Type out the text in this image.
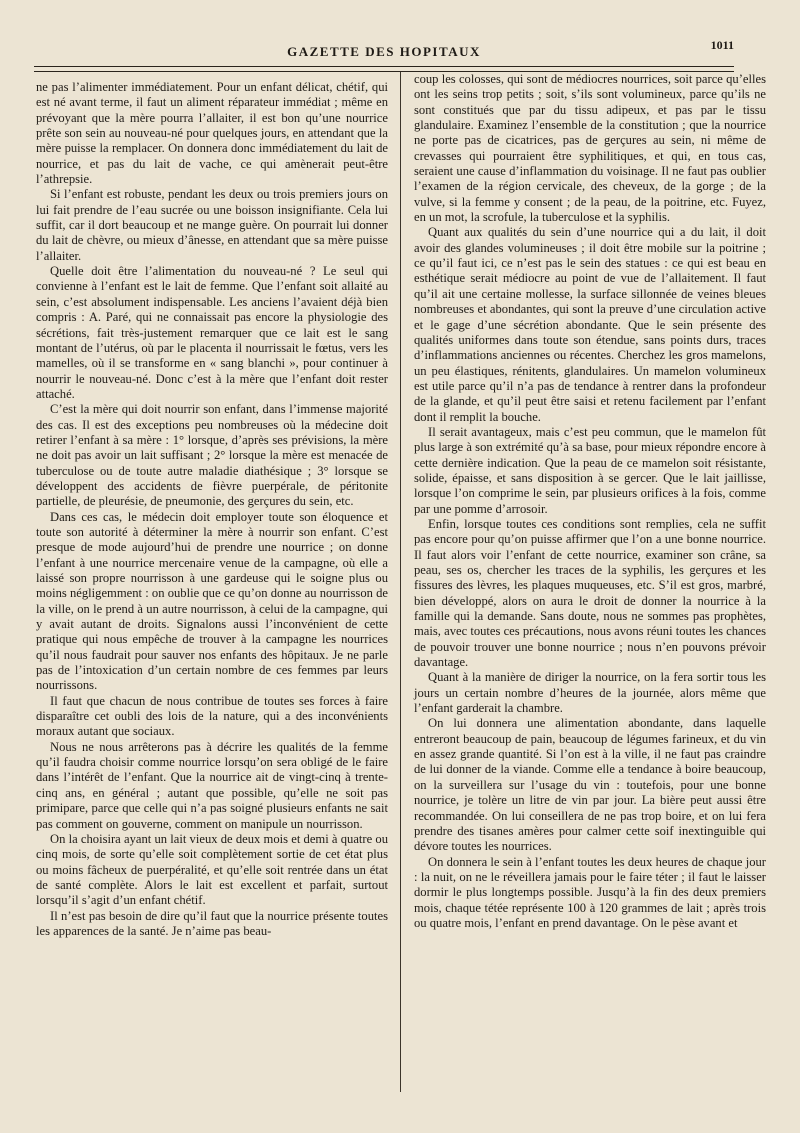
GAZETTE DES HOPITAUX	1011

ne pas l’alimenter immédiatement. Pour un enfant délicat, chétif, qui est né avant terme, il faut un aliment réparateur immédiat ; même en prévoyant que la mère pourra l’allaiter, il est bon qu’une nourrice prête son sein au nouveau-né pour quelques jours, en attendant que la mère puisse la remplacer. On donnera donc immédiatement du lait de nourrice, et pas du lait de vache, ce qui amènerait peut-être l’athrepsie.

Si l’enfant est robuste, pendant les deux ou trois premiers jours on lui fait prendre de l’eau sucrée ou une boisson insignifiante. Cela lui suffit, car il dort beaucoup et ne mange guère. On pourrait lui donner du lait de chèvre, ou mieux d’ânesse, en attendant que sa mère puisse l’allaiter.

Quelle doit être l’alimentation du nouveau-né ? Le seul qui convienne à l’enfant est le lait de femme. Que l’enfant soit allaité au sein, c’est absolument indispensable. Les anciens l’avaient déjà bien compris : A. Paré, qui ne connaissait pas encore la physiologie des sécrétions, fait très-justement remarquer que ce lait est le sang montant de l’utérus, où par le placenta il nourrissait le fœtus, vers les mamelles, où il se transforme en « sang blanchi », pour continuer à nourrir le nouveau-né. Donc c’est à la mère que l’enfant doit rester attaché.

C’est la mère qui doit nourrir son enfant, dans l’immense majorité des cas. Il est des exceptions peu nombreuses où la médecine doit retirer l’enfant à sa mère : 1° lorsque, d’après ses prévisions, la mère ne doit pas avoir un lait suffisant ; 2° lorsque la mère est menacée de tuberculose ou de toute autre maladie diathésique ; 3° lorsque se développent des accidents de fièvre puerpérale, de péritonite partielle, de pleurésie, de pneumonie, des gerçures du sein, etc.

Dans ces cas, le médecin doit employer toute son éloquence et toute son autorité à déterminer la mère à nourrir son enfant. C’est presque de mode aujourd’hui de prendre une nourrice ; on donne l’enfant à une nourrice mercenaire venue de la campagne, où elle a laissé son propre nourrisson à une gardeuse qui le soigne plus ou moins négligemment : on oublie que ce qu’on donne au nourrisson de la ville, on le prend à un autre nourrisson, à celui de la campagne, qui y avait autant de droits. Signalons aussi l’inconvénient de cette pratique qui nous empêche de trouver à la campagne les nourrices qu’il nous faudrait pour sauver nos enfants des hôpitaux. Je ne parle pas de l’intoxication d’un certain nombre de ces femmes par leurs nourrissons.

Il faut que chacun de nous contribue de toutes ses forces à faire disparaître cet oubli des lois de la nature, qui a des inconvénients moraux autant que sociaux.

Nous ne nous arrêterons pas à décrire les qualités de la femme qu’il faudra choisir comme nourrice lorsqu’on sera obligé de le faire dans l’intérêt de l’enfant. Que la nourrice ait de vingt-cinq à trente-cinq ans, en général ; autant que possible, qu’elle ne soit pas primipare, parce que celle qui n’a pas soigné plusieurs enfants ne sait pas comment on gouverne, comment on manipule un nourrisson.

On la choisira ayant un lait vieux de deux mois et demi à quatre ou cinq mois, de sorte qu’elle soit complètement sortie de cet état plus ou moins fâcheux de puerpéralité, et qu’elle soit rentrée dans un état de santé complète. Alors le lait est excellent et parfait, surtout lorsqu’il s’agit d’un enfant chétif.

Il n’est pas besoin de dire qu’il faut que la nourrice présente toutes les apparences de la santé. Je n’aime pas beau-

coup les colosses, qui sont de médiocres nourrices, soit parce qu’elles ont les seins trop petits ; soit, s’ils sont volumineux, parce qu’ils ne sont constitués que par du tissu adipeux, et pas par le tissu glandulaire. Examinez l’ensemble de la constitution ; que la nourrice ne porte pas de cicatrices, pas de gerçures au sein, ni même de crevasses qui pourraient être syphilitiques, et qui, en tous cas, seraient une cause d’inflammation du voisinage. Il ne faut pas oublier l’examen de la région cervicale, des cheveux, de la gorge ; de la vulve, si la femme y consent ; de la peau, de la poitrine, etc. Fuyez, en un mot, la scrofule, la tuberculose et la syphilis.

Quant aux qualités du sein d’une nourrice qui a du lait, il doit avoir des glandes volumineuses ; il doit être mobile sur la poitrine ; ce qu’il faut ici, ce n’est pas le sein des statues : ce qui est beau en esthétique serait médiocre au point de vue de l’allaitement. Il faut qu’il ait une certaine mollesse, la surface sillonnée de veines bleues nombreuses et abondantes, qui sont la preuve d’une circulation active et le gage d’une sécrétion abondante. Que le sein présente des qualités uniformes dans toute son étendue, sans points durs, traces d’inflammations anciennes ou récentes. Cherchez les gros mamelons, un peu élastiques, rénitents, glandulaires. Un mamelon volumineux est utile parce qu’il n’a pas de tendance à rentrer dans la profondeur de la glande, et qu’il peut être saisi et retenu facilement par l’enfant dont il remplit la bouche.

Il serait avantageux, mais c’est peu commun, que le mamelon fût plus large à son extrémité qu’à sa base, pour mieux répondre encore à cette dernière indication. Que la peau de ce mamelon soit résistante, solide, épaisse, et sans disposition à se gercer. Que le lait jaillisse, lorsque l’on comprime le sein, par plusieurs orifices à la fois, comme par une pomme d’arrosoir.

Enfin, lorsque toutes ces conditions sont remplies, cela ne suffit pas encore pour qu’on puisse affirmer que l’on a une bonne nourrice. Il faut alors voir l’enfant de cette nourrice, examiner son crâne, sa peau, ses os, chercher les traces de la syphilis, les gerçures et les fissures des lèvres, les plaques muqueuses, etc. S’il est gros, marbré, bien développé, alors on aura le droit de donner la nourrice à la famille qui la demande. Sans doute, nous ne sommes pas prophètes, mais, avec toutes ces précautions, nous avons réuni toutes les chances de pouvoir trouver une bonne nourrice ; nous n’en pouvons prévoir davantage.

Quant à la manière de diriger la nourrice, on la fera sortir tous les jours un certain nombre d’heures de la journée, alors même que l’enfant garderait la chambre.

On lui donnera une alimentation abondante, dans laquelle entreront beaucoup de pain, beaucoup de légumes farineux, et du vin en assez grande quantité. Si l’on est à la ville, il ne faut pas craindre de lui donner de la viande. Comme elle a tendance à boire beaucoup, on la surveillera sur l’usage du vin : toutefois, pour une bonne nourrice, je tolère un litre de vin par jour. La bière peut aussi être recommandée. On lui conseillera de ne pas trop boire, et on lui fera prendre des tisanes amères pour calmer cette soif inextinguible qui dévore toutes les nourrices.

On donnera le sein à l’enfant toutes les deux heures de chaque jour : la nuit, on ne le réveillera jamais pour le faire téter ; il faut le laisser dormir le plus longtemps possible. Jusqu’à la fin des deux premiers mois, chaque tétée représente 100 à 120 grammes de lait ; après trois ou quatre mois, l’enfant en prend davantage. On le pèse avant et
